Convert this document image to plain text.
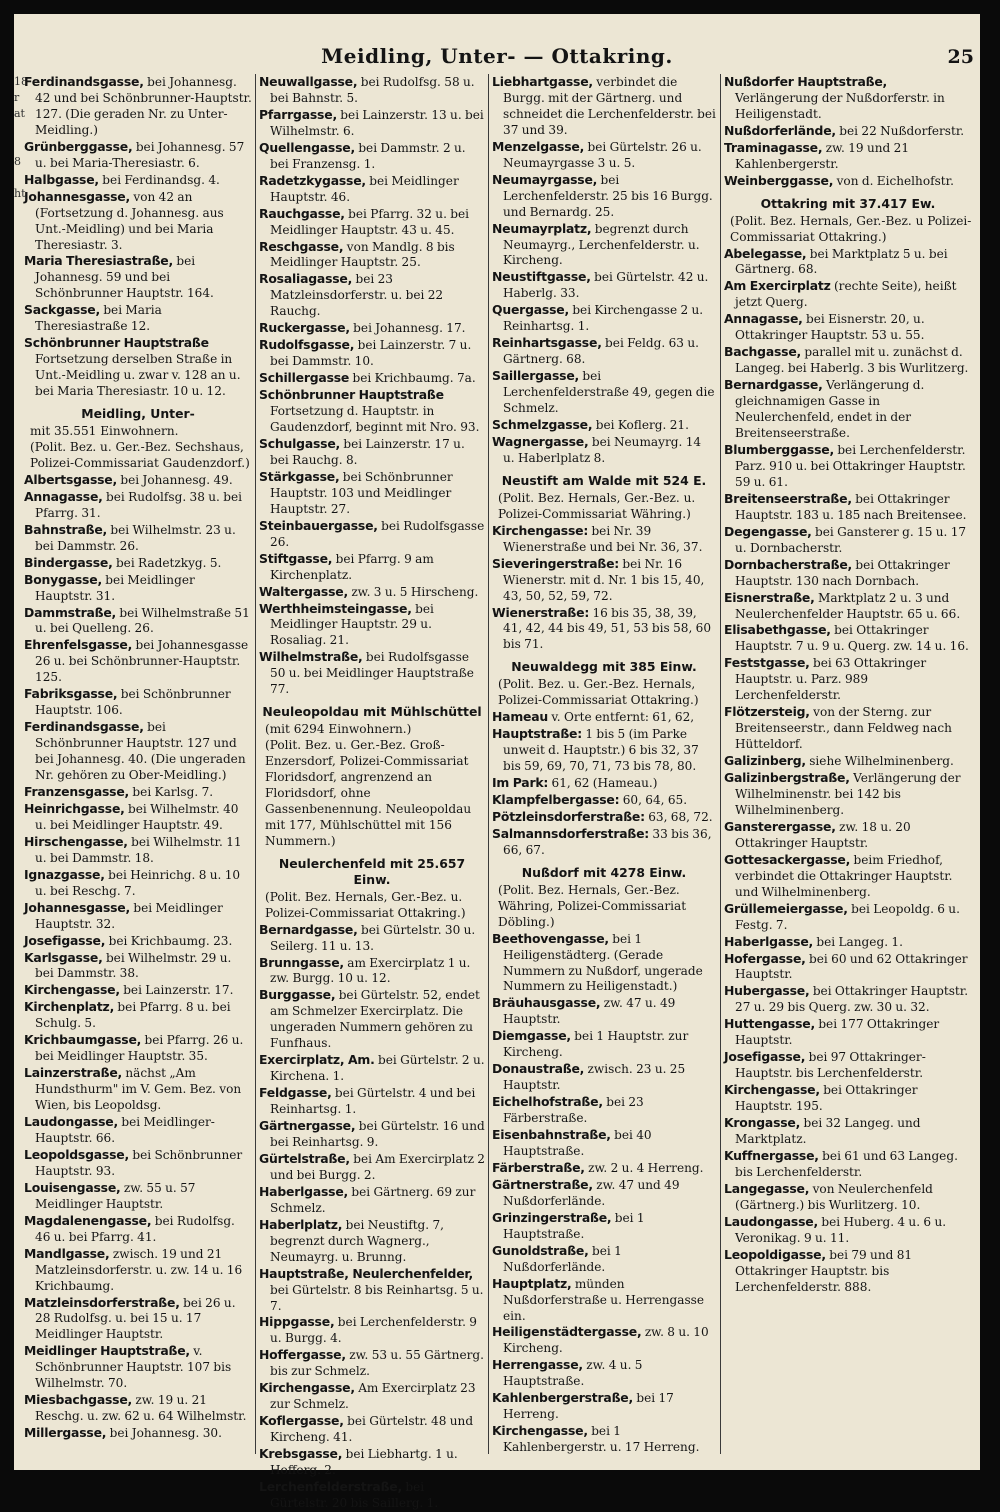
Meidling, Unter- — Ottakring.	25
18
r
at

8

ht

Ferdinandsgasse, bei Johannesg. 42 und bei Schönbrunner-Hauptstr. 127. (Die geraden Nr. zu Unter-Meidling.)

Grünberggasse, bei Johannesg. 57 u. bei Maria-Theresiastr. 6.

Halbgasse, bei Ferdinandsg. 4.

Johannesgasse, von 42 an (Fortsetzung d. Johannesg. aus Unt.-Meidling) und bei Maria Theresiastr. 3.

Maria Theresiastraße, bei Johannesg. 59 und bei Schönbrunner Hauptstr. 164.

Sackgasse, bei Maria Theresiastraße 12.

Schönbrunner Hauptstraße Fortsetzung derselben Straße in Unt.-Meidling u. zwar v. 128 an u. bei Maria Theresiastr. 10 u. 12.

Meidling, Unter-

mit 35.551 Einwohnern.

(Polit. Bez. u. Ger.-Bez. Sechshaus, Polizei-Commissariat Gaudenzdorf.)

Albertsgasse, bei Johannesg. 49.

Annagasse, bei Rudolfsg. 38 u. bei Pfarrg. 31.

Bahnstraße, bei Wilhelmstr. 23 u. bei Dammstr. 26.

Bindergasse, bei Radetzkyg. 5.

Bonygasse, bei Meidlinger Hauptstr. 31.

Dammstraße, bei Wilhelmstraße 51 u. bei Quelleng. 26.

Ehrenfelsgasse, bei Johannesgasse 26 u. bei Schönbrunner-Hauptstr. 125.

Fabriksgasse, bei Schönbrunner Hauptstr. 106.

Ferdinandsgasse, bei Schönbrunner Hauptstr. 127 und bei Johannesg. 40. (Die ungeraden Nr. gehören zu Ober-Meidling.)

Franzensgasse, bei Karlsg. 7.

Heinrichgasse, bei Wilhelmstr. 40 u. bei Meidlinger Hauptstr. 49.

Hirschengasse, bei Wilhelmstr. 11 u. bei Dammstr. 18.

Ignazgasse, bei Heinrichg. 8 u. 10 u. bei Reschg. 7.

Johannesgasse, bei Meidlinger Hauptstr. 32.

Josefigasse, bei Krichbaumg. 23.

Karlsgasse, bei Wilhelmstr. 29 u. bei Dammstr. 38.

Kirchengasse, bei Lainzerstr. 17.

Kirchenplatz, bei Pfarrg. 8 u. bei Schulg. 5.

Krichbaumgasse, bei Pfarrg. 26 u. bei Meidlinger Hauptstr. 35.

Lainzerstraße, nächst „Am Hundsthurm" im V. Gem. Bez. von Wien, bis Leopoldsg.

Laudongasse, bei Meidlinger-Hauptstr. 66.

Leopoldsgasse, bei Schönbrunner Hauptstr. 93.

Louisengasse, zw. 55 u. 57 Meidlinger Hauptstr.

Magdalenengasse, bei Rudolfsg. 46 u. bei Pfarrg. 41.

Mandlgasse, zwisch. 19 und 21 Matzleinsdorferstr. u. zw. 14 u. 16 Krichbaumg.

Matzleinsdorferstraße, bei 26 u. 28 Rudolfsg. u. bei 15 u. 17 Meidlinger Hauptstr.

Meidlinger Hauptstraße, v. Schönbrunner Hauptstr. 107 bis Wilhelmstr. 70.

Miesbachgasse, zw. 19 u. 21 Reschg. u. zw. 62 u. 64 Wilhelmstr.

Millergasse, bei Johannesg. 30.

Neuwallgasse, bei Rudolfsg. 58 u. bei Bahnstr. 5.

Pfarrgasse, bei Lainzerstr. 13 u. bei Wilhelmstr. 6.

Quellengasse, bei Dammstr. 2 u. bei Franzensg. 1.

Radetzkygasse, bei Meidlinger Hauptstr. 46.

Rauchgasse, bei Pfarrg. 32 u. bei Meidlinger Hauptstr. 43 u. 45.

Reschgasse, von Mandlg. 8 bis Meidlinger Hauptstr. 25.

Rosaliagasse, bei 23 Matzleinsdorferstr. u. bei 22 Rauchg.

Ruckergasse, bei Johannesg. 17.

Rudolfsgasse, bei Lainzerstr. 7 u. bei Dammstr. 10.

Schillergasse bei Krichbaumg. 7a.

Schönbrunner Hauptstraße Fortsetzung d. Hauptstr. in Gaudenzdorf, beginnt mit Nro. 93.

Schulgasse, bei Lainzerstr. 17 u. bei Rauchg. 8.

Stärkgasse, bei Schönbrunner Hauptstr. 103 und Meidlinger Hauptstr. 27.

Steinbauergasse, bei Rudolfsgasse 26.

Stiftgasse, bei Pfarrg. 9 am Kirchenplatz.

Waltergasse, zw. 3 u. 5 Hirscheng.

Werthheimsteingasse, bei Meidlinger Hauptstr. 29 u. Rosaliag. 21.

Wilhelmstraße, bei Rudolfsgasse 50 u. bei Meidlinger Hauptstraße 77.

Neuleopoldau mit Mühlschüttel

(mit 6294 Einwohnern.)

(Polit. Bez. u. Ger.-Bez. Groß-Enzersdorf, Polizei-Commissariat Floridsdorf, angrenzend an Floridsdorf, ohne Gassenbenennung. Neuleopoldau mit 177, Mühlschüttel mit 156 Nummern.)

Neulerchenfeld mit 25.657 Einw.

(Polit. Bez. Hernals, Ger.-Bez. u. Polizei-Commissariat Ottakring.)

Bernardgasse, bei Gürtelstr. 30 u. Seilerg. 11 u. 13.

Brunngasse, am Exercirplatz 1 u. zw. Burgg. 10 u. 12.

Burggasse, bei Gürtelstr. 52, endet am Schmelzer Exercirplatz. Die ungeraden Nummern gehören zu Funfhaus.

Exercirplatz, Am. bei Gürtelstr. 2 u. Kirchena. 1.

Feldgasse, bei Gürtelstr. 4 und bei Reinhartsg. 1.

Gärtnergasse, bei Gürtelstr. 16 und bei Reinhartsg. 9.

Gürtelstraße, bei Am Exercirplatz 2 und bei Burgg. 2.

Haberlgasse, bei Gärtnerg. 69 zur Schmelz.

Haberlplatz, bei Neustiftg. 7, begrenzt durch Wagnerg., Neumayrg. u. Brunng.

Hauptstraße, Neulerchenfelder, bei Gürtelstr. 8 bis Reinhartsg. 5 u. 7.

Hippgasse, bei Lerchenfelderstr. 9 u. Burgg. 4.

Hoffergasse, zw. 53 u. 55 Gärtnerg. bis zur Schmelz.

Kirchengasse, Am Exercirplatz 23 zur Schmelz.

Koflergasse, bei Gürtelstr. 48 und Kircheng. 41.

Krebsgasse, bei Liebhartg. 1 u. Hofferg. 2.

Lerchenfelderstraße, bei Gürtelstr. 20 bis Saillerg. 1.

Liebhartgasse, verbindet die Burgg. mit der Gärtnerg. und schneidet die Lerchenfelderstr. bei 37 und 39.

Menzelgasse, bei Gürtelstr. 26 u. Neumayrgasse 3 u. 5.

Neumayrgasse, bei Lerchenfelderstr. 25 bis 16 Burgg. und Bernardg. 25.

Neumayrplatz, begrenzt durch Neumayrg., Lerchenfelderstr. u. Kircheng.

Neustiftgasse, bei Gürtelstr. 42 u. Haberlg. 33.

Quergasse, bei Kirchengasse 2 u. Reinhartsg. 1.

Reinhartsgasse, bei Feldg. 63 u. Gärtnerg. 68.

Saillergasse, bei Lerchenfelderstraße 49, gegen die Schmelz.

Schmelzgasse, bei Koflerg. 21.

Wagnergasse, bei Neumayrg. 14 u. Haberlplatz 8.

Neustift am Walde mit 524 E.

(Polit. Bez. Hernals, Ger.-Bez. u. Polizei-Commissariat Währing.)

Kirchengasse: bei Nr. 39 Wienerstraße und bei Nr. 36, 37.

Sieveringerstraße: bei Nr. 16 Wienerstr. mit d. Nr. 1 bis 15, 40, 43, 50, 52, 59, 72.

Wienerstraße: 16 bis 35, 38, 39, 41, 42, 44 bis 49, 51, 53 bis 58, 60 bis 71.

Neuwaldegg mit 385 Einw.

(Polit. Bez. u. Ger.-Bez. Hernals, Polizei-Commissariat Ottakring.)

Hameau v. Orte entfernt: 61, 62,

Hauptstraße: 1 bis 5 (im Parke unweit d. Hauptstr.) 6 bis 32, 37 bis 59, 69, 70, 71, 73 bis 78, 80.

Im Park: 61, 62 (Hameau.)

Klampfelbergasse: 60, 64, 65.

Pötzleinsdorferstraße: 63, 68, 72.

Salmannsdorferstraße: 33 bis 36, 66, 67.

Nußdorf mit 4278 Einw.

(Polit. Bez. Hernals, Ger.-Bez. Währing, Polizei-Commissariat Döbling.)

Beethovengasse, bei 1 Heiligenstädterg. (Gerade Nummern zu Nußdorf, ungerade Nummern zu Heiligenstadt.)

Bräuhausgasse, zw. 47 u. 49 Hauptstr.

Diemgasse, bei 1 Hauptstr. zur Kircheng.

Donaustraße, zwisch. 23 u. 25 Hauptstr.

Eichelhofstraße, bei 23 Färberstraße.

Eisenbahnstraße, bei 40 Hauptstraße.

Färberstraße, zw. 2 u. 4 Herreng.

Gärtnerstraße, zw. 47 und 49 Nußdorferlände.

Grinzingerstraße, bei 1 Hauptstraße.

Gunoldstraße, bei 1 Nußdorferlände.

Hauptplatz, münden Nußdorferstraße u. Herrengasse ein.

Heiligenstädtergasse, zw. 8 u. 10 Kircheng.

Herrengasse, zw. 4 u. 5 Hauptstraße.

Kahlenbergerstraße, bei 17 Herreng.

Kirchengasse, bei 1 Kahlenbergerstr. u. 17 Herreng.

Nußdorfer Hauptstraße, Verlängerung der Nußdorferstr. in Heiligenstadt.

Nußdorferlände, bei 22 Nußdorferstr.

Traminagasse, zw. 19 und 21 Kahlenbergerstr.

Weinberggasse, von d. Eichelhofstr.

Ottakring mit 37.417 Ew.

(Polit. Bez. Hernals, Ger.-Bez. u Polizei-Commissariat Ottakring.)

Abelegasse, bei Marktplatz 5 u. bei Gärtnerg. 68.

Am Exercirplatz (rechte Seite), heißt jetzt Querg.

Annagasse, bei Eisnerstr. 20, u. Ottakringer Hauptstr. 53 u. 55.

Bachgasse, parallel mit u. zunächst d. Langeg. bei Haberlg. 3 bis Wurlitzerg.

Bernardgasse, Verlängerung d. gleichnamigen Gasse in Neulerchenfeld, endet in der Breitenseerstraße.

Blumberggasse, bei Lerchenfelderstr. Parz. 910 u. bei Ottakringer Hauptstr. 59 u. 61.

Breitenseerstraße, bei Ottakringer Hauptstr. 183 u. 185 nach Breitensee.

Degengasse, bei Gansterer g. 15 u. 17 u. Dornbacherstr.

Dornbacherstraße, bei Ottakringer Hauptstr. 130 nach Dornbach.

Eisnerstraße, Marktplatz 2 u. 3 und Neulerchenfelder Hauptstr. 65 u. 66.

Elisabethgasse, bei Ottakringer Hauptstr. 7 u. 9 u. Querg. zw. 14 u. 16.

Feststgasse, bei 63 Ottakringer Hauptstr. u. Parz. 989 Lerchenfelderstr.

Flötzersteig, von der Sterng. zur Breitenseerstr., dann Feldweg nach Hütteldorf.

Galizinberg, siehe Wilhelminenberg.

Galizinbergstraße, Verlängerung der Wilhelminenstr. bei 142 bis Wilhelminenberg.

Gansterergasse, zw. 18 u. 20 Ottakringer Hauptstr.

Gottesackergasse, beim Friedhof, verbindet die Ottakringer Hauptstr. und Wilhelminenberg.

Grüllemeiergasse, bei Leopoldg. 6 u. Festg. 7.

Haberlgasse, bei Langeg. 1.

Hofergasse, bei 60 und 62 Ottakringer Hauptstr.

Hubergasse, bei Ottakringer Hauptstr. 27 u. 29 bis Querg. zw. 30 u. 32.

Huttengasse, bei 177 Ottakringer Hauptstr.

Josefigasse, bei 97 Ottakringer-Hauptstr. bis Lerchenfelderstr.

Kirchengasse, bei Ottakringer Hauptstr. 195.

Krongasse, bei 32 Langeg. und Marktplatz.

Kuffnergasse, bei 61 und 63 Langeg. bis Lerchenfelderstr.

Langegasse, von Neulerchenfeld (Gärtnerg.) bis Wurlitzerg. 10.

Laudongasse, bei Huberg. 4 u. 6 u. Veronikag. 9 u. 11.

Leopoldigasse, bei 79 und 81 Ottakringer Hauptstr. bis Lerchenfelderstr. 888.
